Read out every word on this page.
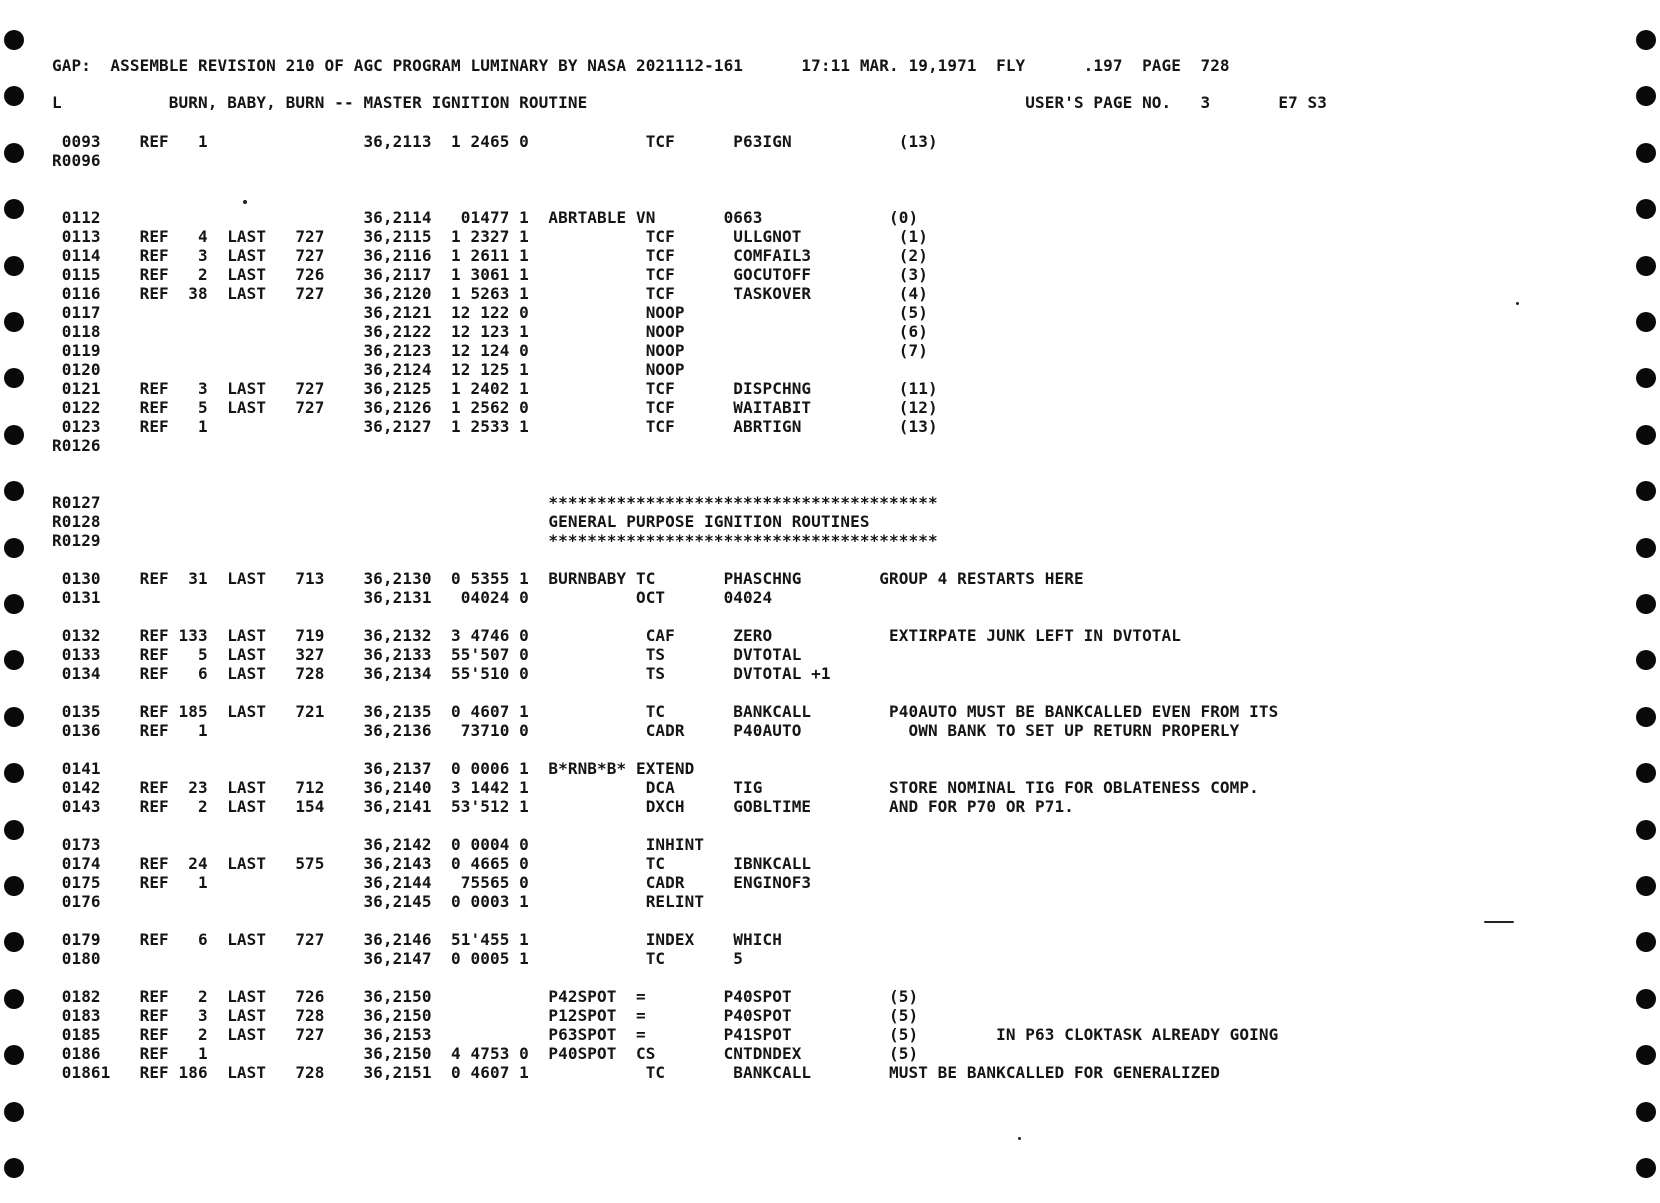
GAP:  ASSEMBLE REVISION 210 OF AGC PROGRAM LUMINARY BY NASA 2021112-161      17:11 MAR. 19,1971  FLY      .197  PAGE  728
L           BURN, BABY, BURN -- MASTER IGNITION ROUTINE                                             USER'S PAGE NO.   3       E7 S3
0093    REF   1                36,2113  1 2465 0            TCF      P63IGN           (13)
R0096
0112                           36,2114   01477 1  ABRTABLE VN       0663             (0)
0113    REF   4  LAST   727    36,2115  1 2327 1            TCF      ULLGNOT          (1)
0114    REF   3  LAST   727    36,2116  1 2611 1            TCF      COMFAIL3         (2)
0115    REF   2  LAST   726    36,2117  1 3061 1            TCF      GOCUTOFF         (3)
0116    REF  38  LAST   727    36,2120  1 5263 1            TCF      TASKOVER         (4)
0117                           36,2121  12 122 0            NOOP                      (5)
0118                           36,2122  12 123 1            NOOP                      (6)
0119                           36,2123  12 124 0            NOOP                      (7)
0120                           36,2124  12 125 1            NOOP
0121    REF   3  LAST   727    36,2125  1 2402 1            TCF      DISPCHNG         (11)
0122    REF   5  LAST   727    36,2126  1 2562 0            TCF      WAITABIT         (12)
0123    REF   1                36,2127  1 2533 1            TCF      ABRTIGN          (13)
R0126
R0127                                              ****************************************
R0128                                              GENERAL PURPOSE IGNITION ROUTINES
R0129                                              ****************************************
0130    REF  31  LAST   713    36,2130  0 5355 1  BURNBABY TC       PHASCHNG        GROUP 4 RESTARTS HERE
0131                           36,2131   04024 0           OCT      04024
0132    REF 133  LAST   719    36,2132  3 4746 0            CAF      ZERO            EXTIRPATE JUNK LEFT IN DVTOTAL
0133    REF   5  LAST   327    36,2133  55'507 0            TS       DVTOTAL
0134    REF   6  LAST   728    36,2134  55'510 0            TS       DVTOTAL +1
0135    REF 185  LAST   721    36,2135  0 4607 1            TC       BANKCALL        P40AUTO MUST BE BANKCALLED EVEN FROM ITS
0136    REF   1                36,2136   73710 0            CADR     P40AUTO           OWN BANK TO SET UP RETURN PROPERLY
0141                           36,2137  0 0006 1  B*RNB*B* EXTEND
0142    REF  23  LAST   712    36,2140  3 1442 1            DCA      TIG             STORE NOMINAL TIG FOR OBLATENESS COMP.
0143    REF   2  LAST   154    36,2141  53'512 1            DXCH     GOBLTIME        AND FOR P70 OR P71.
0173                           36,2142  0 0004 0            INHINT
0174    REF  24  LAST   575    36,2143  0 4665 0            TC       IBNKCALL
0175    REF   1                36,2144   75565 0            CADR     ENGINOF3
0176                           36,2145  0 0003 1            RELINT
0179    REF   6  LAST   727    36,2146  51'455 1            INDEX    WHICH
0180                           36,2147  0 0005 1            TC       5
0182    REF   2  LAST   726    36,2150            P42SPOT  =        P40SPOT          (5)
0183    REF   3  LAST   728    36,2150            P12SPOT  =        P40SPOT          (5)
0185    REF   2  LAST   727    36,2153            P63SPOT  =        P41SPOT          (5)        IN P63 CLOKTASK ALREADY GOING
0186    REF   1                36,2150  4 4753 0  P40SPOT  CS       CNTDNDEX         (5)
01861   REF 186  LAST   728    36,2151  0 4607 1            TC       BANKCALL        MUST BE BANKCALLED FOR GENERALIZED
